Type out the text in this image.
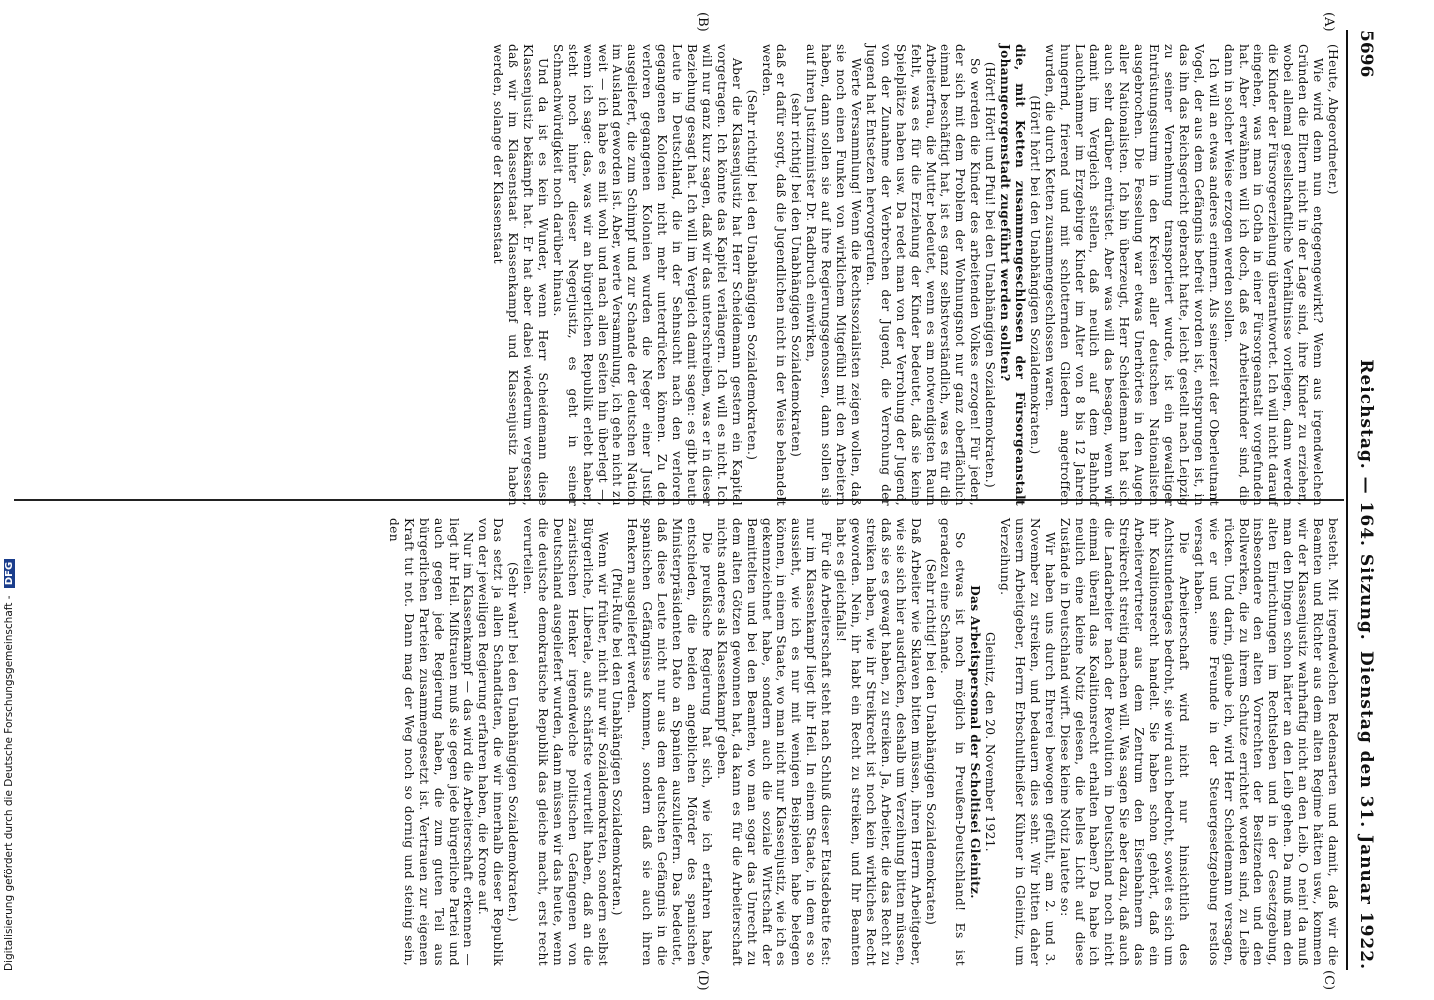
5696
Reichstag. — 164. Sitzung.
Dienstag den 31. Januar 1922.
(A)
(B)
(C)
(D)

(Heute, Abgeordneter.)

Wie wird denn nun entgegengewirkt? Wenn aus irgendwelchen Gründen die Eltern nicht in der Lage sind, ihre Kinder zu erziehen, wobei allemal gesellschaftliche Verhältnisse vorliegen, dann werden die Kinder der Fürsorgeerziehung überantwortet. Ich will nicht darauf eingehen, was man in Gotha in einer Fürsorgeanstalt vorgefunden hat. Aber erwähnen will ich doch, daß es Arbeiterkinder sind, die dann in solcher Weise erzogen werden sollen.

Ich will an etwas anderes erinnern. Als seinerzeit der Oberleutnant Vogel, der aus dem Gefängnis befreit worden ist, entsprungen ist, in das ihn das Reichsgericht gebracht hatte, leicht gestellt nach Leipzig zu seiner Vernehmung transportiert wurde, ist ein gewaltiger Entrüstungssturm in den Kreisen aller deutschen Nationalisten ausgebrochen. Die Fesselung war etwas Unerhörtes in den Augen aller Nationalisten. Ich bin überzeugt, Herr Scheidemann hat sich auch sehr darüber entrüstet. Aber was will das besagen, wenn wir damit im Vergleich stellen, daß neulich auf dem Bahnhof Lauchhammer im Erzgebirge Kinder im Alter von 8 bis 12 Jahren hungernd, frierend und mit schlotternden Gliedern angetroffen wurden, die durch Ketten zusammengeschlossen waren.

(Hört! hört! bei den Unabhängigen Sozialdemokraten.)

die, mit Ketten zusammengeschlossen der Fürsorgeanstalt Johanngeorgenstadt zugeführt werden sollten?

(Hört! Hört! und Pfui! bei den Unabhängigen Sozialdemokraten.)

So werden die Kinder des arbeitenden Volkes erzogen! Für jeden, der sich mit dem Problem der Wohnungsnot nur ganz oberflächlich einmal beschäftigt hat, ist es ganz selbstverständlich, was es für die Arbeiterfrau, die Mutter bedeutet, wenn es am notwendigsten Raum fehlt, was es für die Erziehung der Kinder bedeutet, daß sie keine Spielplätze haben usw. Da redet man von der Verrohung der Jugend, von der Zunahme der Verbrechen der Jugend, die Verrohung der Jugend hat Entsetzen hervorgerufen.

Werte Versammlung! Wenn die Rechtssozialisten zeigen wollen, daß sie noch einen Funken von wirklichem Mitgefühl mit den Arbeitern haben, dann sollen sie auf ihre Regierungsgenossen, dann sollen sie auf ihren Justizminister Dr. Radbruch einwirken,

(sehr richtig! bei den Unabhängigen Sozialdemokraten)

daß er dafür sorgt, daß die Jugendlichen nicht in der Weise behandelt werden.

(Sehr richtig! bei den Unabhängigen Sozialdemokraten.)

Aber die Klassenjustiz hat Herr Scheidemann gestern ein Kapitel vorgetragen. Ich könnte das Kapitel verlängern. Ich will es nicht. Ich will nur ganz kurz sagen, daß wir das unterschreiben, was er in dieser Beziehung gesagt hat. Ich will im Vergleich damit sagen: es gibt heute Leute in Deutschland, die in der Sehnsucht nach den verloren gegangenen Kolonien nicht mehr unterdrücken können. Zu den verloren gegangenen Kolonien wurden die Neger einer Justiz ausgeliefert, die zum Schimpf und zur Schande der deutschen Nation im Ausland geworden ist. Aber, werte Versammlung, ich gehe nicht zu weit — ich habe es mit wohl und nach allen Seiten hin überlegt —, wenn ich sage: das, was wir an bürgerlichen Republik erlebt haben, steht noch hinter dieser Negerjustiz, es geht in seiner Schmachwürdigkeit noch darüber hinaus.

Und da ist es kein Wunder, wenn Herr Scheidemann diese Klassenjustiz bekämpft hat. Er hat aber dabei wiederum vergessen, daß wir im Klassenstaat Klassenkampf und Klassenjustiz haben werden, solange der Klassenstaat

besteht. Mit irgendwelchen Redensarten und damit, daß wir die Beamten und Richter aus dem alten Regime hätten usw., kommen wir der Klassenjustiz wahrhaftig nicht an den Leib. O nein! da muß man den Dingen schon härter an den Leib gehen. Da muß man den alten Einrichtungen im Rechtsleben und in der Gesetzgebung, insbesondere den alten Vorrechten der Besitzenden und den Bollwerken, die zu ihrem Schutze errichtet worden sind, zu Leibe rücken. Und darin, glaube ich, wird Herr Scheidemann versagen, wie er und seine Freunde in der Steuergesetzgebung restlos versagt haben.

Die Arbeiterschaft wird nicht nur hinsichtlich des Achtstundentages bedroht, sie wird auch bedroht, soweit es sich um ihr Koalitionsrecht handelt. Sie haben schon gehört, daß ein Arbeitervertreter aus dem Zentrum den Eisenbahnern das Streikrecht streitig machen will. Was sagen Sie aber dazu, daß auch die Landarbeiter nach der Revolution in Deutschland noch nicht einmal überall das Koalitionsrecht erhalten haben? Da habe ich neulich eine kleine Notiz gelesen, die helles Licht auf diese Zustände in Deutschland wirft. Diese kleine Notiz lautete so:

Wir haben uns durch Ehrerei bewogen gefühlt, am 2. und 3. November zu streiken, und bedauern dies sehr. Wir bitten daher unsern Arbeitgeber, Herrn Erbschultheißer Kühner in Gleinitz, um Verzeihung.

Gleinitz, den 20. November 1921.

Das Arbeitspersonal der Scholtisei Gleinitz.

So etwas ist noch möglich in Preußen-Deutschland! Es ist geradezu eine Schande.

(Sehr richtig! bei den Unabhängigen Sozialdemokraten)

Daß Arbeiter wie Sklaven bitten müssen, ihren Herrn Arbeitgeber, wie sie sich hier ausdrücken, deshalb um Verzeihung bitten müssen, daß sie es gewagt haben, zu streiken. Ja, Arbeiter, die das Recht zu streiken haben, wie ihr Streikrecht ist noch kein wirkliches Recht geworden. Nein, ihr habt ein Recht zu streiken, und Ihr Beamten habt es gleichfalls!

Für die Arbeiterschaft steht nach Schluß dieser Etatsdebatte fest: nur im Klassenkampf liegt ihr Heil. In einem Staate, in dem es so aussieht, wie ich es nur mit wenigen Beispielen habe belegen können, in einem Staate, wo man nicht nur Klassenjustiz, wie ich es gekennzeichnet habe, sondern auch die soziale Wirtschaft der Bemittelten und bei den Beamten, wo man sogar das Unrecht zu dem alten Götzen gewonnen hat, da kann es für die Arbeiterschaft nichts anderes als Klassenkampf geben.

Die preußische Regierung hat sich, wie ich erfahren habe, entschieden, die beiden angeblichen Mörder des spanischen Ministerpräsidenten Dato an Spanien auszuliefern. Das bedeutet, daß diese Leute nicht nur aus dem deutschen Gefängnis in die spanischen Gefängnisse kommen, sondern daß sie auch ihren Henkern ausgeliefert werden.

(Pfui-Rufe bei den Unabhängigen Sozialdemokraten.)

Wenn wir früher, nicht nur wir Sozialdemokraten, sondern selbst Bürgerliche, Liberale, aufs schärfste verurteilt haben, daß an die zaristischen Henker irgendwelche politischen Gefangenen von Deutschland ausgeliefert wurden, dann müssen wir das heute, wenn die deutsche demokratische Republik das gleiche macht, erst recht verurteilen.

(Sehr wahr! bei den Unabhängigen Sozialdemokraten.)

Das setzt ja allen Schandtaten, die wir innerhalb dieser Republik von der jeweiligen Regierung erfahren haben, die Krone auf.

Nur im Klassenkampf — das wird die Arbeiterschaft erkennen — liegt ihr Heil. Mißtrauen muß sie gegen jede bürgerliche Partei und auch gegen jede Regierung haben, die zum guten Teil aus bürgerlichen Parteien zusammengesetzt ist. Vertrauen zur eigenen Kraft tut not. Dann mag der Weg noch so dornig und steinig sein, den

Digitalisierung gefördert durch die Deutsche Forschungsgemeinschaft - DFG
